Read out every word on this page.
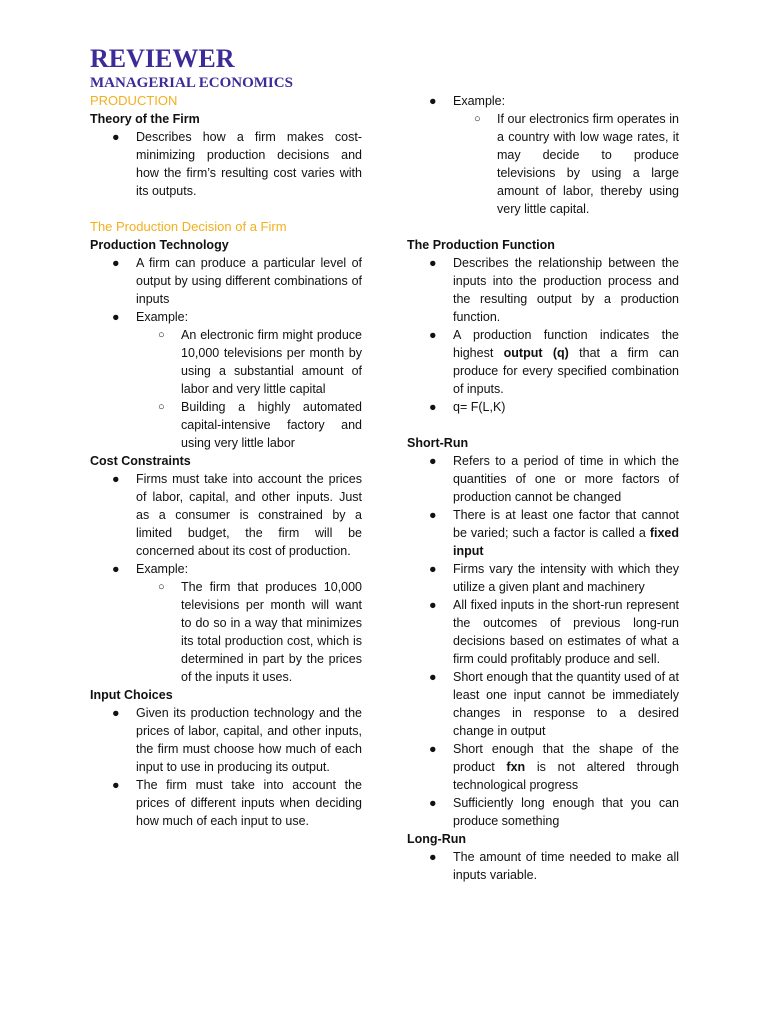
REVIEWER

MANAGERIAL ECONOMICS

PRODUCTION

Theory of the Firm

● Describes how a firm makes cost-minimizing production decisions and how the firm’s resulting cost varies with its outputs.

The Production Decision of a Firm

Production Technology

● A firm can produce a particular level of output by using different combinations of inputs
● Example:
○ An electronic firm might produce 10,000 televisions per month by using a substantial amount of labor and very little capital
○ Building a highly automated capital-intensive factory and using very little labor

Cost Constraints

● Firms must take into account the prices of labor, capital, and other inputs. Just as a consumer is constrained by a limited budget, the firm will be concerned about its cost of production.
● Example:
○ The firm that produces 10,000 televisions per month will want to do so in a way that minimizes its total production cost, which is determined in part by the prices of the inputs it uses.

Input Choices

● Given its production technology and the prices of labor, capital, and other inputs, the firm must choose how much of each input to use in producing its output.
● The firm must take into account the prices of different inputs when deciding how much of each input to use.
● Example:
○ If our electronics firm operates in a country with low wage rates, it may decide to produce televisions by using a large amount of labor, thereby using very little capital.

The Production Function

● Describes the relationship between the inputs into the production process and the resulting output by a production function.
● A production function indicates the highest output (q) that a firm can produce for every specified combination of inputs.
● q= F(L,K)

Short-Run

● Refers to a period of time in which the quantities of one or more factors of production cannot be changed
● There is at least one factor that cannot be varied; such a factor is called a fixed input
● Firms vary the intensity with which they utilize a given plant and machinery
● All fixed inputs in the short-run represent the outcomes of previous long-run decisions based on estimates of what a firm could profitably produce and sell.
● Short enough that the quantity used of at least one input cannot be immediately changes in response to a desired change in output
● Short enough that the shape of the product fxn is not altered through technological progress
● Sufficiently long enough that you can produce something

Long-Run

● The amount of time needed to make all inputs variable.
